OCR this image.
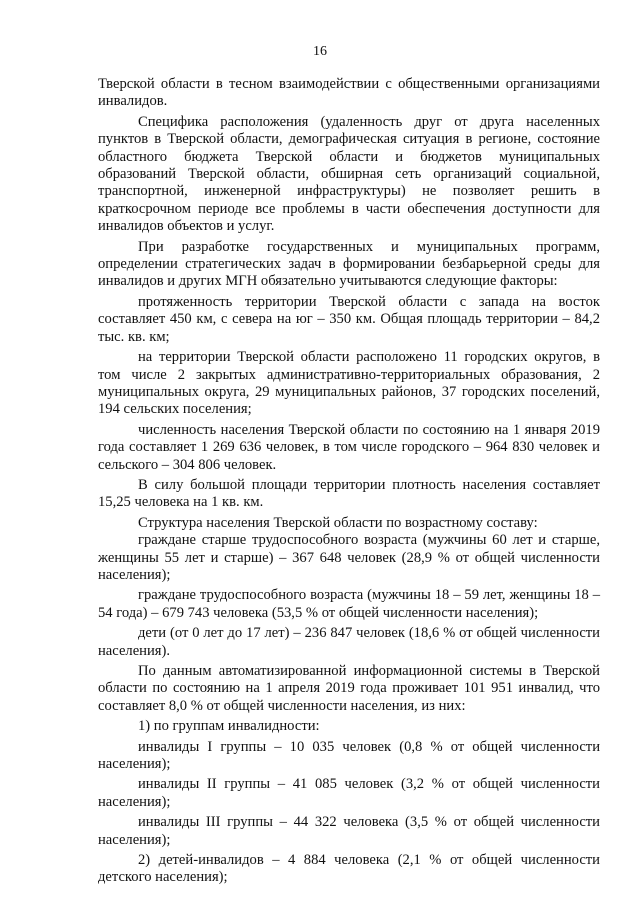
16

Тверской области в тесном взаимодействии с общественными организациями инвалидов.

Специфика расположения (удаленность друг от друга населенных пунктов в Тверской области, демографическая ситуация в регионе, состояние областного бюджета Тверской области и бюджетов муниципальных образований Тверской области, обширная сеть организаций социальной, транспортной, инженерной инфраструктуры) не позволяет решить в краткосрочном периоде все проблемы в части обеспечения доступности для инвалидов объектов и услуг.

При разработке государственных и муниципальных программ, определении стратегических задач в формировании безбарьерной среды для инвалидов и других МГН обязательно учитываются следующие факторы:

протяженность территории Тверской области с запада на восток составляет 450 км, с севера на юг – 350 км. Общая площадь территории – 84,2 тыс. кв. км;

на территории Тверской области расположено 11 городских округов, в том числе 2 закрытых административно-территориальных образования, 2 муниципальных округа, 29 муниципальных районов, 37 городских поселений, 194 сельских поселения;

численность населения Тверской области по состоянию на 1 января 2019 года составляет 1 269 636 человек, в том числе городского – 964 830 человек и сельского – 304 806 человек.

В силу большой площади территории плотность населения составляет 15,25 человека на 1 кв. км.

Структура населения Тверской области по возрастному составу:

граждане старше трудоспособного возраста (мужчины 60 лет и старше, женщины 55 лет и старше) – 367 648 человек (28,9 % от общей численности населения);

граждане трудоспособного возраста (мужчины 18 – 59 лет, женщины 18 – 54 года) – 679 743 человека (53,5 % от общей численности населения);

дети (от 0 лет до 17 лет) – 236 847 человек (18,6 % от общей численности населения).

По данным автоматизированной информационной системы в Тверской области по состоянию на 1 апреля 2019 года проживает 101 951 инвалид, что составляет 8,0 % от общей численности населения, из них:

1) по группам инвалидности:

инвалиды I группы – 10 035 человек (0,8 % от общей численности населения);

инвалиды II группы – 41 085 человек (3,2 % от общей численности населения);

инвалиды III группы – 44 322 человека (3,5 % от общей численности населения);

2) детей-инвалидов – 4 884 человека (2,1 % от общей численности детского населения);
